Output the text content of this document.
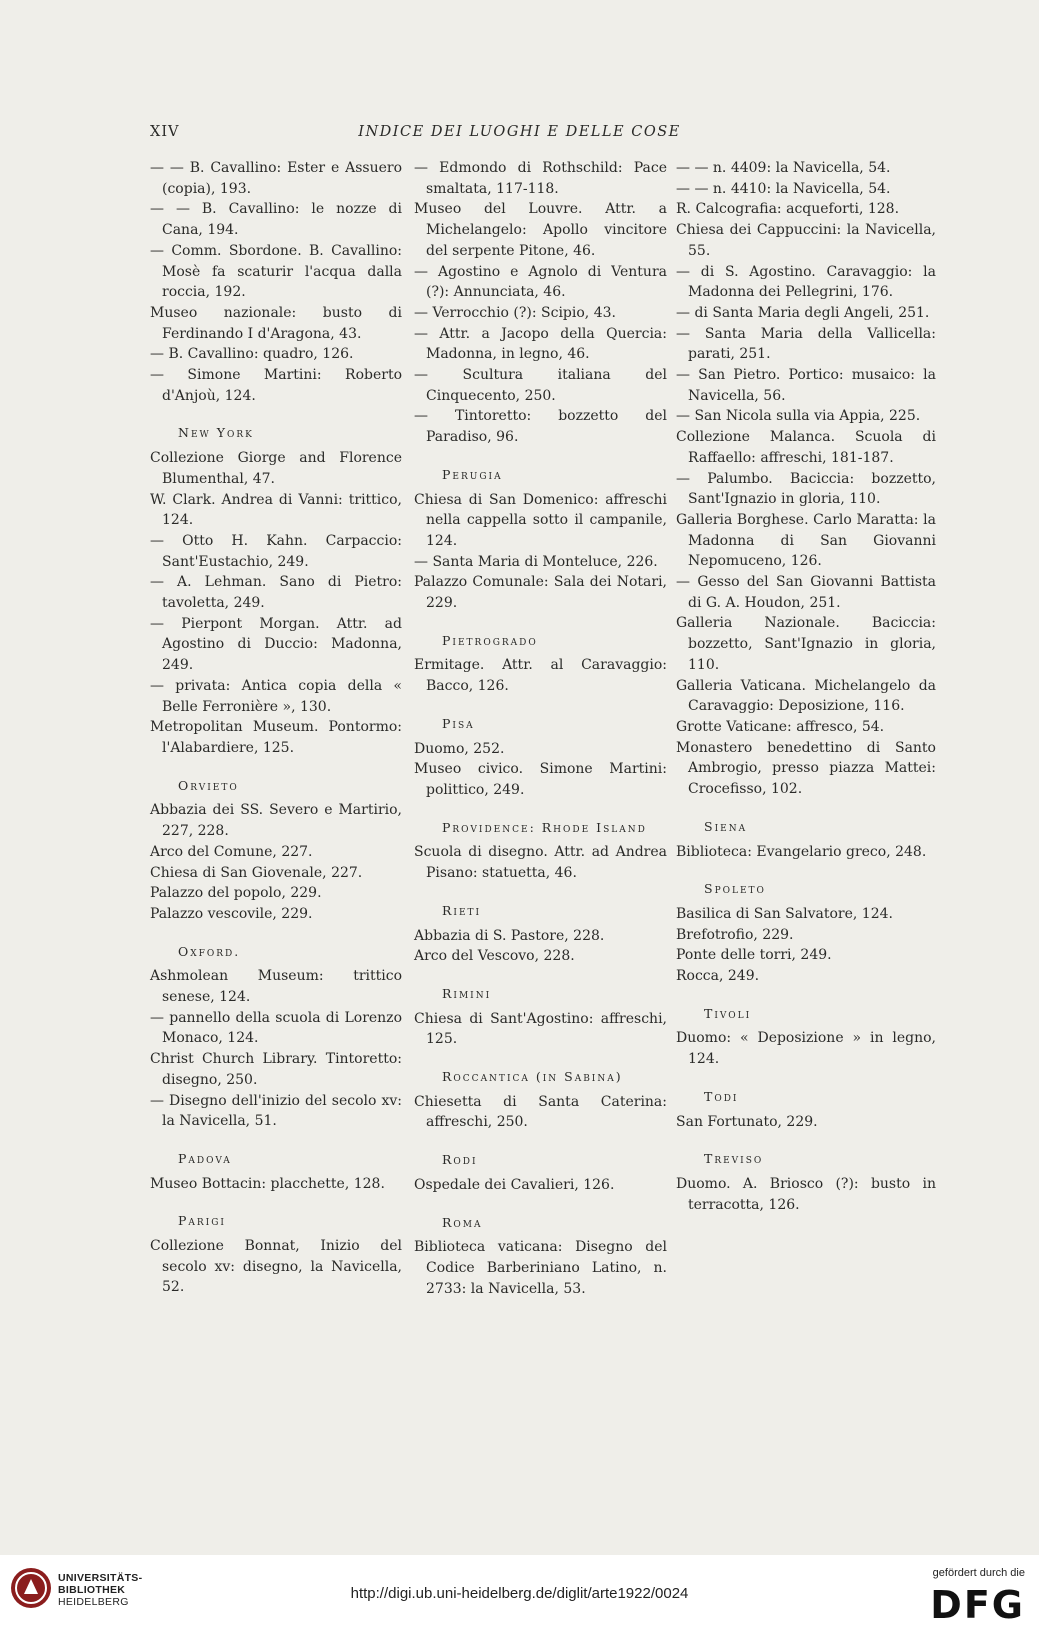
XIV	INDICE DEI LUOGHI E DELLE COSE
— — B. Cavallino: Ester e Assuero (copia), 193.
— — B. Cavallino: le nozze di Cana, 194.
— Comm. Sbordone. B. Cavallino: Mosè fa scaturir l'acqua dalla roccia, 192.
Museo nazionale: busto di Ferdinando I d'Aragona, 43.
— B. Cavallino: quadro, 126.
— Simone Martini: Roberto d'Anjoù, 124.
New York
Collezione Giorge and Florence Blumenthal, 47.
W. Clark. Andrea di Vanni: trittico, 124.
— Otto H. Kahn. Carpaccio: Sant'Eustachio, 249.
— A. Lehman. Sano di Pietro: tavoletta, 249.
— Pierpont Morgan. Attr. ad Agostino di Duccio: Madonna, 249.
— privata: Antica copia della « Belle Ferronière », 130.
Metropolitan Museum. Pontormo: l'Alabardiere, 125.
Orvieto
Abbazia dei SS. Severo e Martirio, 227, 228.
Arco del Comune, 227.
Chiesa di San Giovenale, 227.
Palazzo del popolo, 229.
Palazzo vescovile, 229.
Oxford.
Ashmolean Museum: trittico senese, 124.
— pannello della scuola di Lorenzo Monaco, 124.
Christ Church Library. Tintoretto: disegno, 250.
— Disegno dell'inizio del secolo xv: la Navicella, 51.
Padova
Museo Bottacin: placchette, 128.
Parigi
Collezione Bonnat, Inizio del secolo xv: disegno, la Navicella, 52.
— Edmondo di Rothschild: Pace smaltata, 117-118.
Museo del Louvre. Attr. a Michelangelo: Apollo vincitore del serpente Pitone, 46.
— Agostino e Agnolo di Ventura (?): Annunciata, 46.
— Verrocchio (?): Scipio, 43.
— Attr. a Jacopo della Quercia: Madonna, in legno, 46.
— Scultura italiana del Cinquecento, 250.
— Tintoretto: bozzetto del Paradiso, 96.
Perugia
Chiesa di San Domenico: affreschi nella cappella sotto il campanile, 124.
— Santa Maria di Monteluce, 226.
Palazzo Comunale: Sala dei Notari, 229.
Pietrogrado
Ermitage. Attr. al Caravaggio: Bacco, 126.
Pisa
Duomo, 252.
Museo civico. Simone Martini: polittico, 249.
Providence: Rhode Island
Scuola di disegno. Attr. ad Andrea Pisano: statuetta, 46.
Rieti
Abbazia di S. Pastore, 228.
Arco del Vescovo, 228.
Rimini
Chiesa di Sant'Agostino: affreschi, 125.
Roccantica (in Sabina)
Chiesetta di Santa Caterina: affreschi, 250.
Rodi
Ospedale dei Cavalieri, 126.
Roma
Biblioteca vaticana: Disegno del Codice Barberiniano Latino, n. 2733: la Navicella, 53.
— — n. 4409: la Navicella, 54.
— — n. 4410: la Navicella, 54.
R. Calcografia: acqueforti, 128.
Chiesa dei Cappuccini: la Navicella, 55.
— di S. Agostino. Caravaggio: la Madonna dei Pellegrini, 176.
— di Santa Maria degli Angeli, 251.
— Santa Maria della Vallicella: parati, 251.
— San Pietro. Portico: musaico: la Navicella, 56.
— San Nicola sulla via Appia, 225.
Collezione Malanca. Scuola di Raffaello: affreschi, 181-187.
— Palumbo. Baciccia: bozzetto, Sant'Ignazio in gloria, 110.
Galleria Borghese. Carlo Maratta: la Madonna di San Giovanni Nepomuceno, 126.
— Gesso del San Giovanni Battista di G. A. Houdon, 251.
Galleria Nazionale. Baciccia: bozzetto, Sant'Ignazio in gloria, 110.
Galleria Vaticana. Michelangelo da Caravaggio: Deposizione, 116.
Grotte Vaticane: affresco, 54.
Monastero benedettino di Santo Ambrogio, presso piazza Mattei: Crocefisso, 102.
Siena
Biblioteca: Evangelario greco, 248.
Spoleto
Basilica di San Salvatore, 124.
Brefotrofio, 229.
Ponte delle torri, 249.
Rocca, 249.
Tivoli
Duomo: « Deposizione » in legno, 124.
Todi
San Fortunato, 229.
Treviso
Duomo. A. Briosco (?): busto in terracotta, 126.
UNIVERSITÄTS-
BIBLIOTHEK
HEIDELBERG	http://digi.ub.uni-heidelberg.de/diglit/arte1922/0024
gefördert durch die
DFG
